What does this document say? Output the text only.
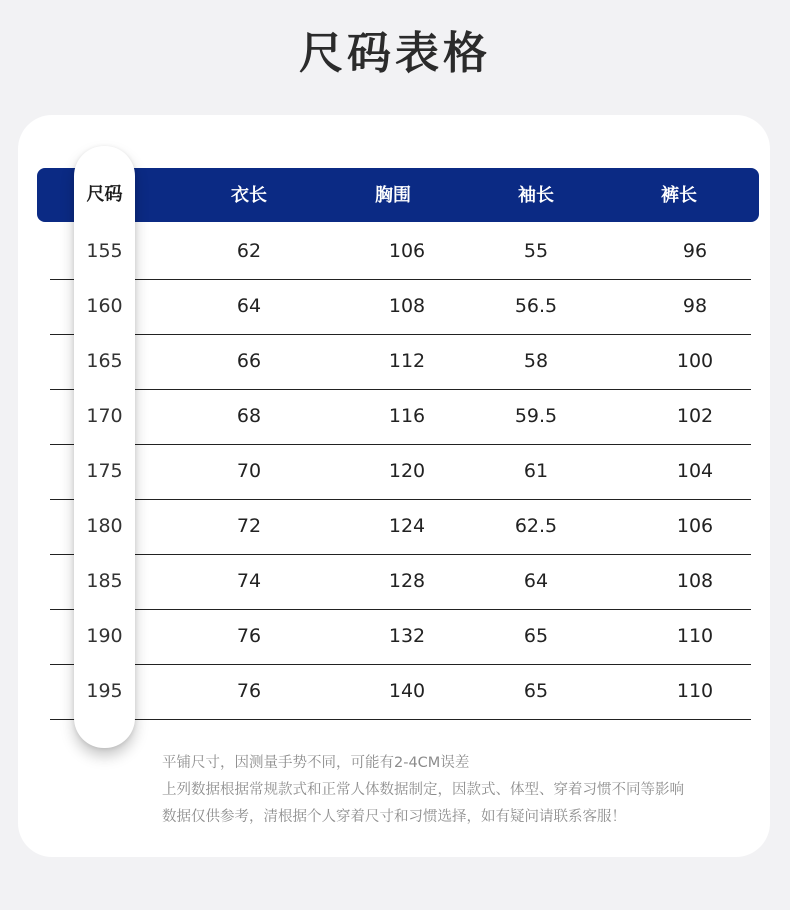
尺码表格
尺码	衣长	胸围	袖长	裤长
155	62	106	55	96
160	64	108	56.5	98
165	66	112	58	100
170	68	116	59.5	102
175	70	120	61	104
180	72	124	62.5	106
185	74	128	64	108
190	76	132	65	110
195	76	140	65	110
平铺尺寸，因测量手势不同，可能有2-4CM误差
上列数据根据常规款式和正常人体数据制定，因款式、体型、穿着习惯不同等影响
数据仅供参考，清根据个人穿着尺寸和习惯选择，如有疑问请联系客服！
